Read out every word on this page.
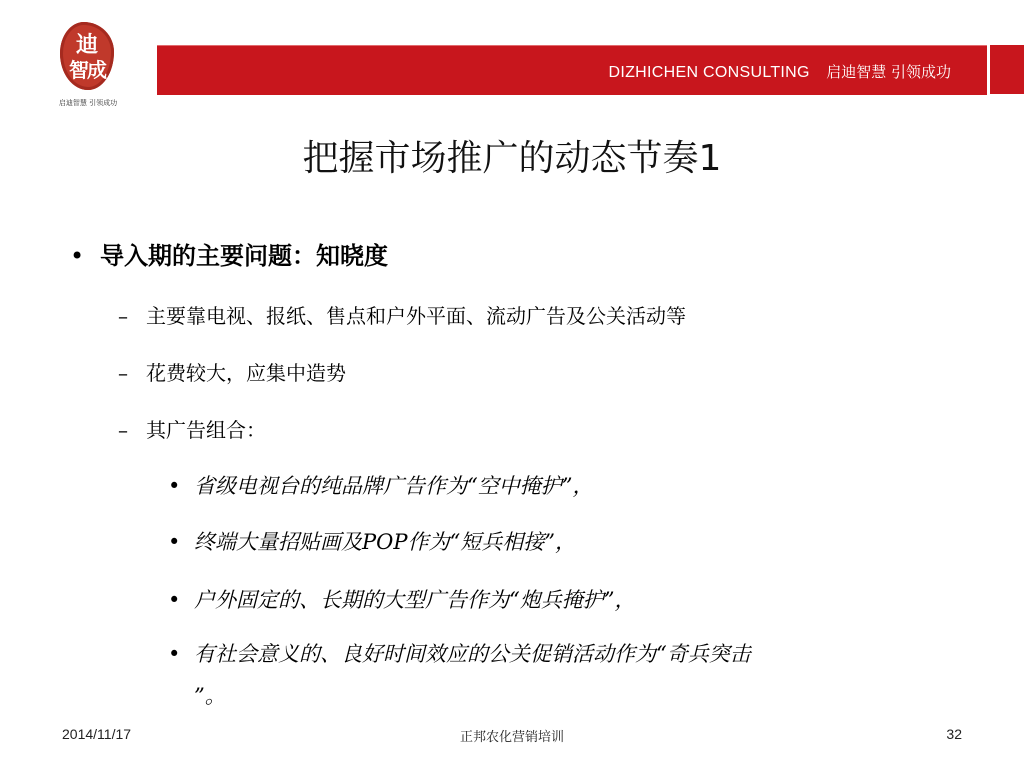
迪
智成
启迪智慧 引领成功
DIZHICHEN CONSULTING 启迪智慧 引领成功
把握市场推广的动态节奏1
• 导入期的主要问题：知晓度
– 主要靠电视、报纸、售点和户外平面、流动广告及公关活动等
– 花费较大，应集中造势
– 其广告组合：
• 省级电视台的纯品牌广告作为“空中掩护”，
• 终端大量招贴画及POP作为“短兵相接”，
• 户外固定的、长期的大型广告作为“炮兵掩护”，
• 有社会意义的、良好时间效应的公关促销活动作为“奇兵突击
”。
2014/11/17	正邦农化营销培训	32
